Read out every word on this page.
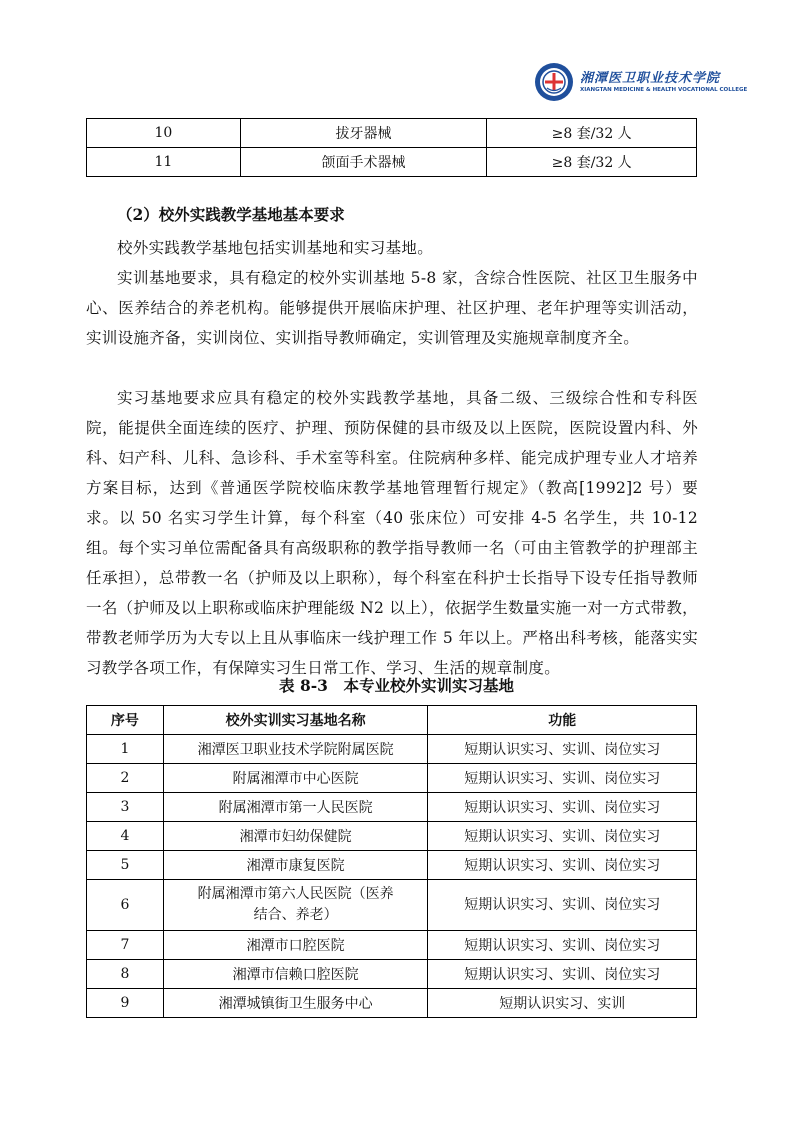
湘潭医卫职业技术学院
XIANGTAN MEDICINE & HEALTH VOCATIONAL COLLEGE
10	拔牙器械	≥8 套/32 人
11	颌面手术器械	≥8 套/32 人

（2）校外实践教学基地基本要求

校外实践教学基地包括实训基地和实习基地。

实训基地要求，具有稳定的校外实训基地 5-8 家，含综合性医院、社区卫生服务中心、医养结合的养老机构。能够提供开展临床护理、社区护理、老年护理等实训活动，实训设施齐备，实训岗位、实训指导教师确定，实训管理及实施规章制度齐全。

实习基地要求应具有稳定的校外实践教学基地，具备二级、三级综合性和专科医院，能提供全面连续的医疗、护理、预防保健的县市级及以上医院，医院设置内科、外科、妇产科、儿科、急诊科、手术室等科室。住院病种多样、能完成护理专业人才培养方案目标，达到《普通医学院校临床教学基地管理暂行规定》（教高[1992]2 号）要求。以 50 名实习学生计算，每个科室（40 张床位）可安排 4-5 名学生，共 10-12 组。每个实习单位需配备具有高级职称的教学指导教师一名（可由主管教学的护理部主任承担），总带教一名（护师及以上职称），每个科室在科护士长指导下设专任指导教师一名（护师及以上职称或临床护理能级 N2 以上），依据学生数量实施一对一方式带教，带教老师学历为大专以上且从事临床一线护理工作 5 年以上。严格出科考核，能落实实习教学各项工作，有保障实习生日常工作、学习、生活的规章制度。

表 8-3　本专业校外实训实习基地

序号	校外实训实习基地名称	功能
1	湘潭医卫职业技术学院附属医院	短期认识实习、实训、岗位实习
2	附属湘潭市中心医院	短期认识实习、实训、岗位实习
3	附属湘潭市第一人民医院	短期认识实习、实训、岗位实习
4	湘潭市妇幼保健院	短期认识实习、实训、岗位实习
5	湘潭市康复医院	短期认识实习、实训、岗位实习
6	附属湘潭市第六人民医院（医养结合、养老）	短期认识实习、实训、岗位实习
7	湘潭市口腔医院	短期认识实习、实训、岗位实习
8	湘潭市信赖口腔医院	短期认识实习、实训、岗位实习
9	湘潭城镇街卫生服务中心	短期认识实习、实训
